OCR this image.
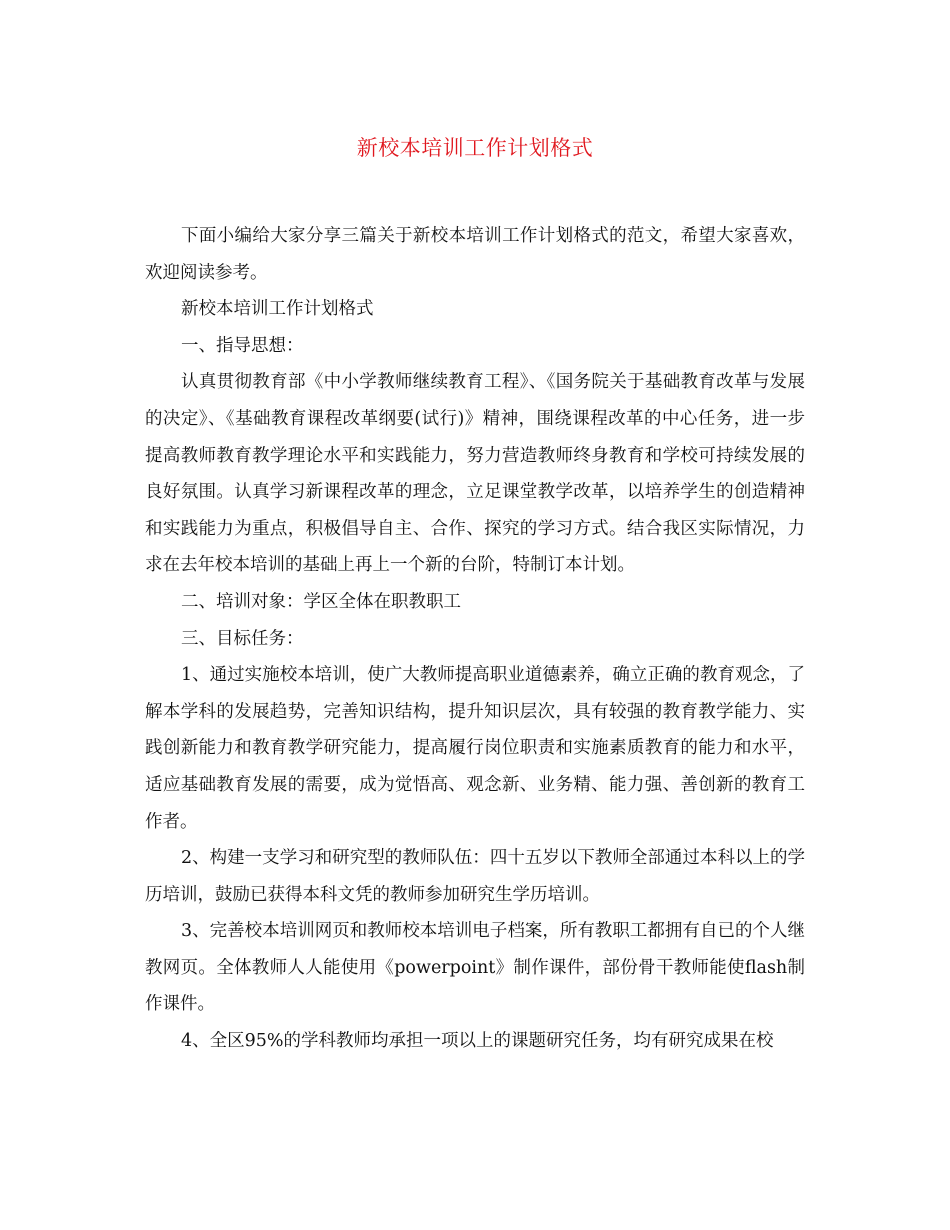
新校本培训工作计划格式

下面小编给大家分享三篇关于新校本培训工作计划格式的范文，希望大家喜欢，欢迎阅读参考。

新校本培训工作计划格式

一、指导思想：

认真贯彻教育部《中小学教师继续教育工程》、《国务院关于基础教育改革与发展的决定》、《基础教育课程改革纲要(试行)》精神，围绕课程改革的中心任务，进一步提高教师教育教学理论水平和实践能力，努力营造教师终身教育和学校可持续发展的良好氛围。认真学习新课程改革的理念，立足课堂教学改革，以培养学生的创造精神和实践能力为重点，积极倡导自主、合作、探究的学习方式。结合我区实际情况，力求在去年校本培训的基础上再上一个新的台阶，特制订本计划。

二、培训对象：学区全体在职教职工

三、目标任务：

1、通过实施校本培训，使广大教师提高职业道德素养，确立正确的教育观念，了解本学科的发展趋势，完善知识结构，提升知识层次，具有较强的教育教学能力、实践创新能力和教育教学研究能力，提高履行岗位职责和实施素质教育的能力和水平，适应基础教育发展的需要，成为觉悟高、观念新、业务精、能力强、善创新的教育工作者。

2、构建一支学习和研究型的教师队伍：四十五岁以下教师全部通过本科以上的学历培训，鼓励已获得本科文凭的教师参加研究生学历培训。

3、完善校本培训网页和教师校本培训电子档案，所有教职工都拥有自已的个人继教网页。全体教师人人能使用《powerpoint》制作课件，部份骨干教师能使flash制作课件。

4、全区95%的学科教师均承担一项以上的课题研究任务，均有研究成果在校
